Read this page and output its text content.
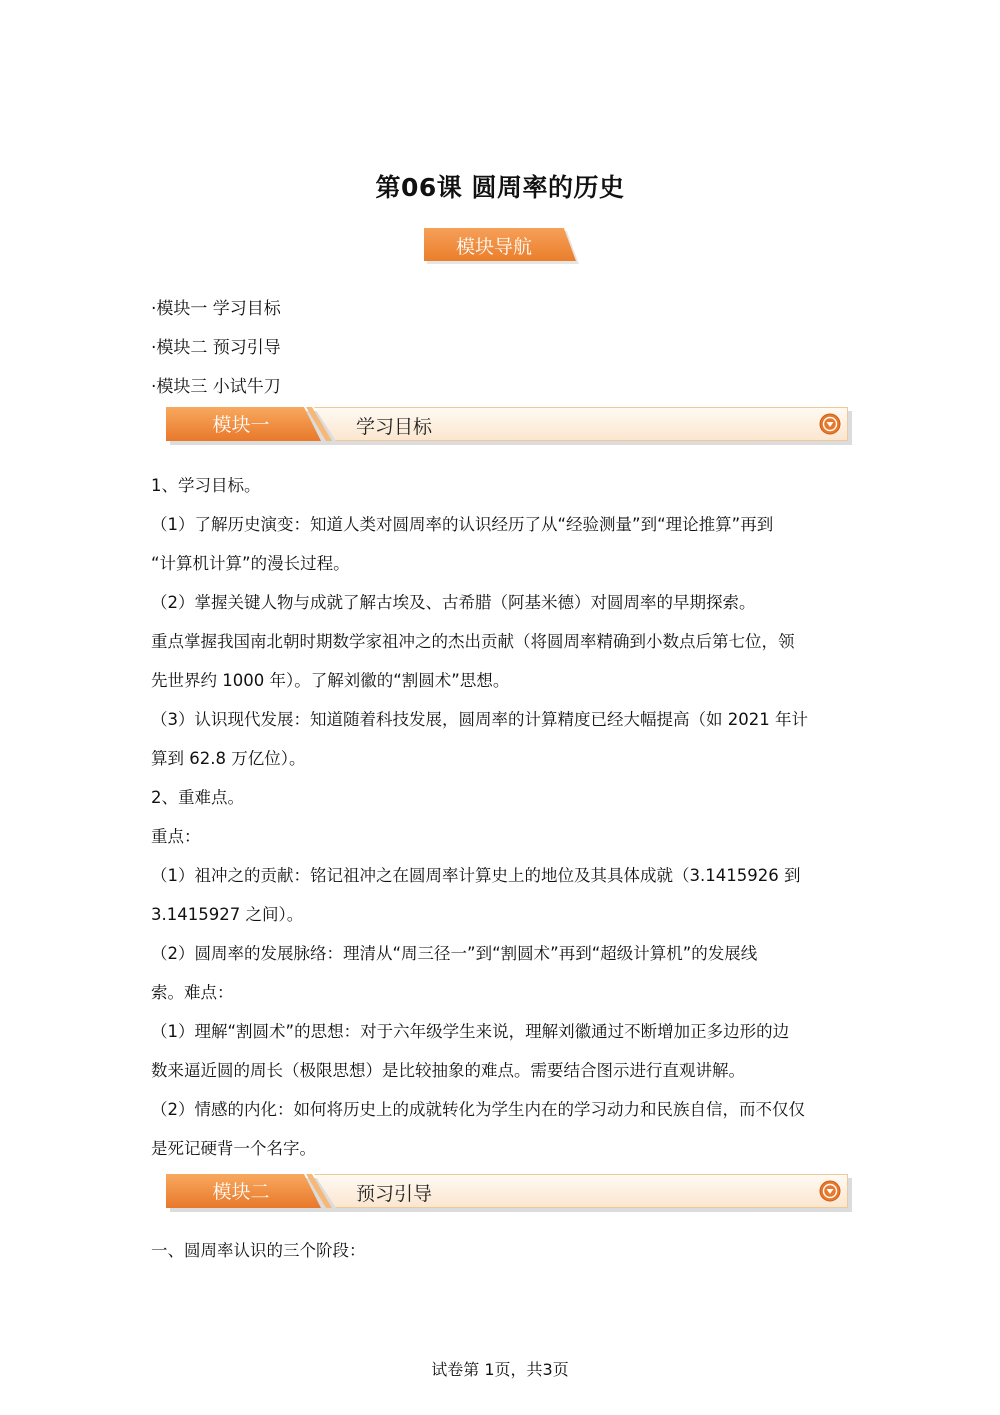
第06课 圆周率的历史
模块导航
·模块一 学习目标
·模块二 预习引导
·模块三 小试牛刀
模块一	学习目标
1、学习目标。
（1）了解历史演变：知道人类对圆周率的认识经历了从“经验测量”到“理论推算”再到
“计算机计算”的漫长过程。
（2）掌握关键人物与成就了解古埃及、古希腊（阿基米德）对圆周率的早期探索。
重点掌握我国南北朝时期数学家祖冲之的杰出贡献（将圆周率精确到小数点后第七位，领
先世界约 1000 年）。了解刘徽的“割圆术”思想。
（3）认识现代发展：知道随着科技发展，圆周率的计算精度已经大幅提高（如 2021 年计
算到 62.8 万亿位）。
2、重难点。
重点：
（1）祖冲之的贡献：铭记祖冲之在圆周率计算史上的地位及其具体成就（3.1415926 到
3.1415927 之间）。
（2）圆周率的发展脉络：理清从“周三径一”到“割圆术”再到“超级计算机”的发展线
索。难点：
（1）理解“割圆术”的思想：对于六年级学生来说，理解刘徽通过不断增加正多边形的边
数来逼近圆的周长（极限思想）是比较抽象的难点。需要结合图示进行直观讲解。
（2）情感的内化：如何将历史上的成就转化为学生内在的学习动力和民族自信，而不仅仅
是死记硬背一个名字。
模块二	预习引导
一、圆周率认识的三个阶段：
试卷第 1页，共3页
